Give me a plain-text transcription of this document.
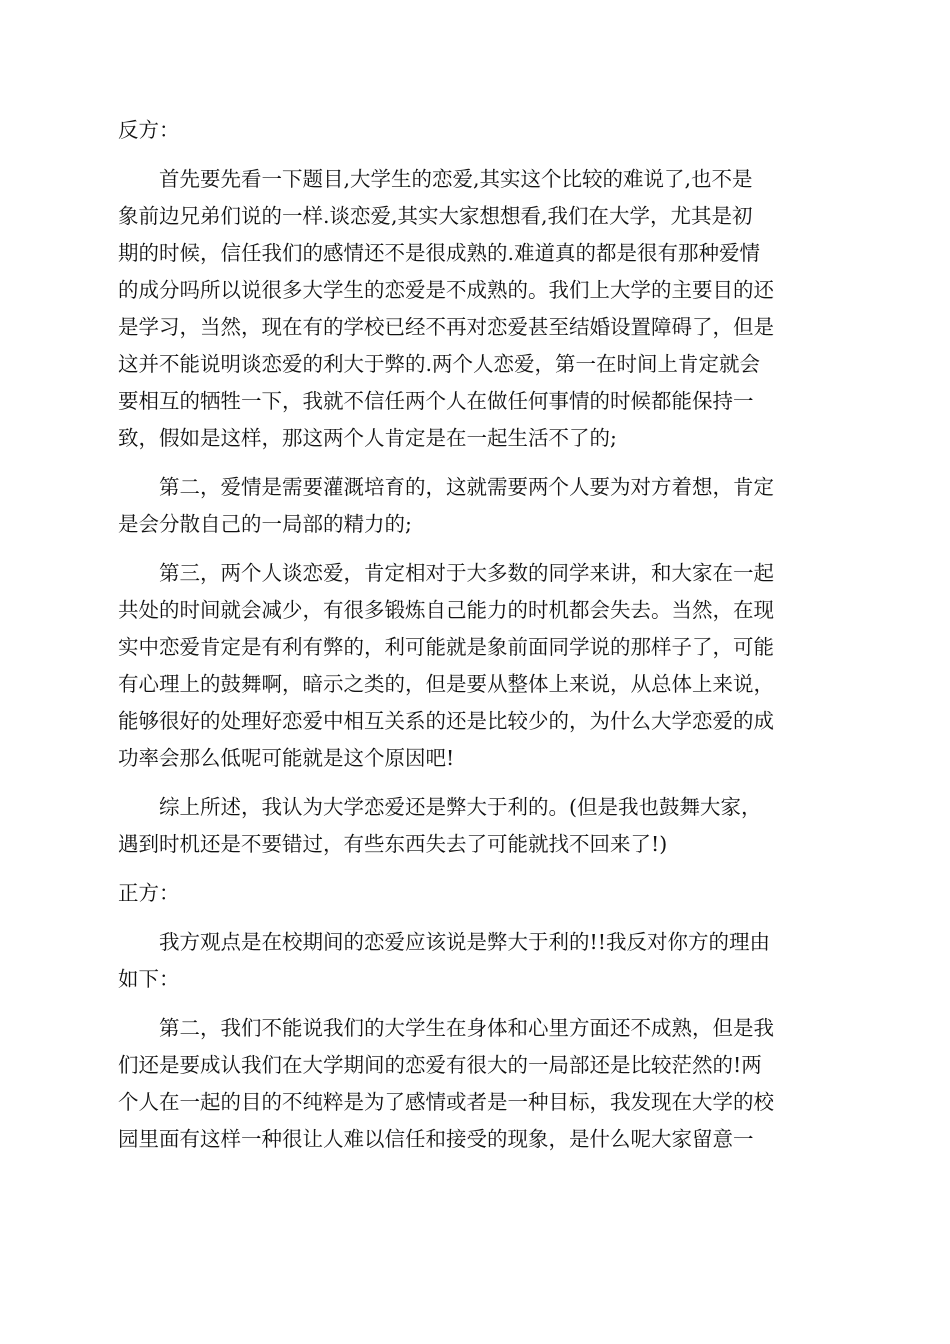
反方：
　　首先要先看一下题目,大学生的恋爱,其实这个比较的难说了,也不是
象前边兄弟们说的一样.谈恋爱,其实大家想想看,我们在大学，尤其是初
期的时候，信任我们的感情还不是很成熟的.难道真的都是很有那种爱情
的成分吗所以说很多大学生的恋爱是不成熟的。我们上大学的主要目的还
是学习，当然，现在有的学校已经不再对恋爱甚至结婚设置障碍了，但是
这并不能说明谈恋爱的利大于弊的.两个人恋爱，第一在时间上肯定就会
要相互的牺牲一下，我就不信任两个人在做任何事情的时候都能保持一
致，假如是这样，那这两个人肯定是在一起生活不了的;
　　第二，爱情是需要灌溉培育的，这就需要两个人要为对方着想，肯定
是会分散自己的一局部的精力的;
　　第三，两个人谈恋爱，肯定相对于大多数的同学来讲，和大家在一起
共处的时间就会减少，有很多锻炼自己能力的时机都会失去。当然，在现
实中恋爱肯定是有利有弊的，利可能就是象前面同学说的那样子了，可能
有心理上的鼓舞啊，暗示之类的，但是要从整体上来说，从总体上来说，
能够很好的处理好恋爱中相互关系的还是比较少的，为什么大学恋爱的成
功率会那么低呢可能就是这个原因吧!
　　综上所述，我认为大学恋爱还是弊大于利的。(但是我也鼓舞大家，
遇到时机还是不要错过，有些东西失去了可能就找不回来了!)
正方：
　　我方观点是在校期间的恋爱应该说是弊大于利的!!我反对你方的理由
如下：
　　第二，我们不能说我们的大学生在身体和心里方面还不成熟，但是我
们还是要成认我们在大学期间的恋爱有很大的一局部还是比较茫然的!两
个人在一起的目的不纯粹是为了感情或者是一种目标，我发现在大学的校
园里面有这样一种很让人难以信任和接受的现象，是什么呢大家留意一
